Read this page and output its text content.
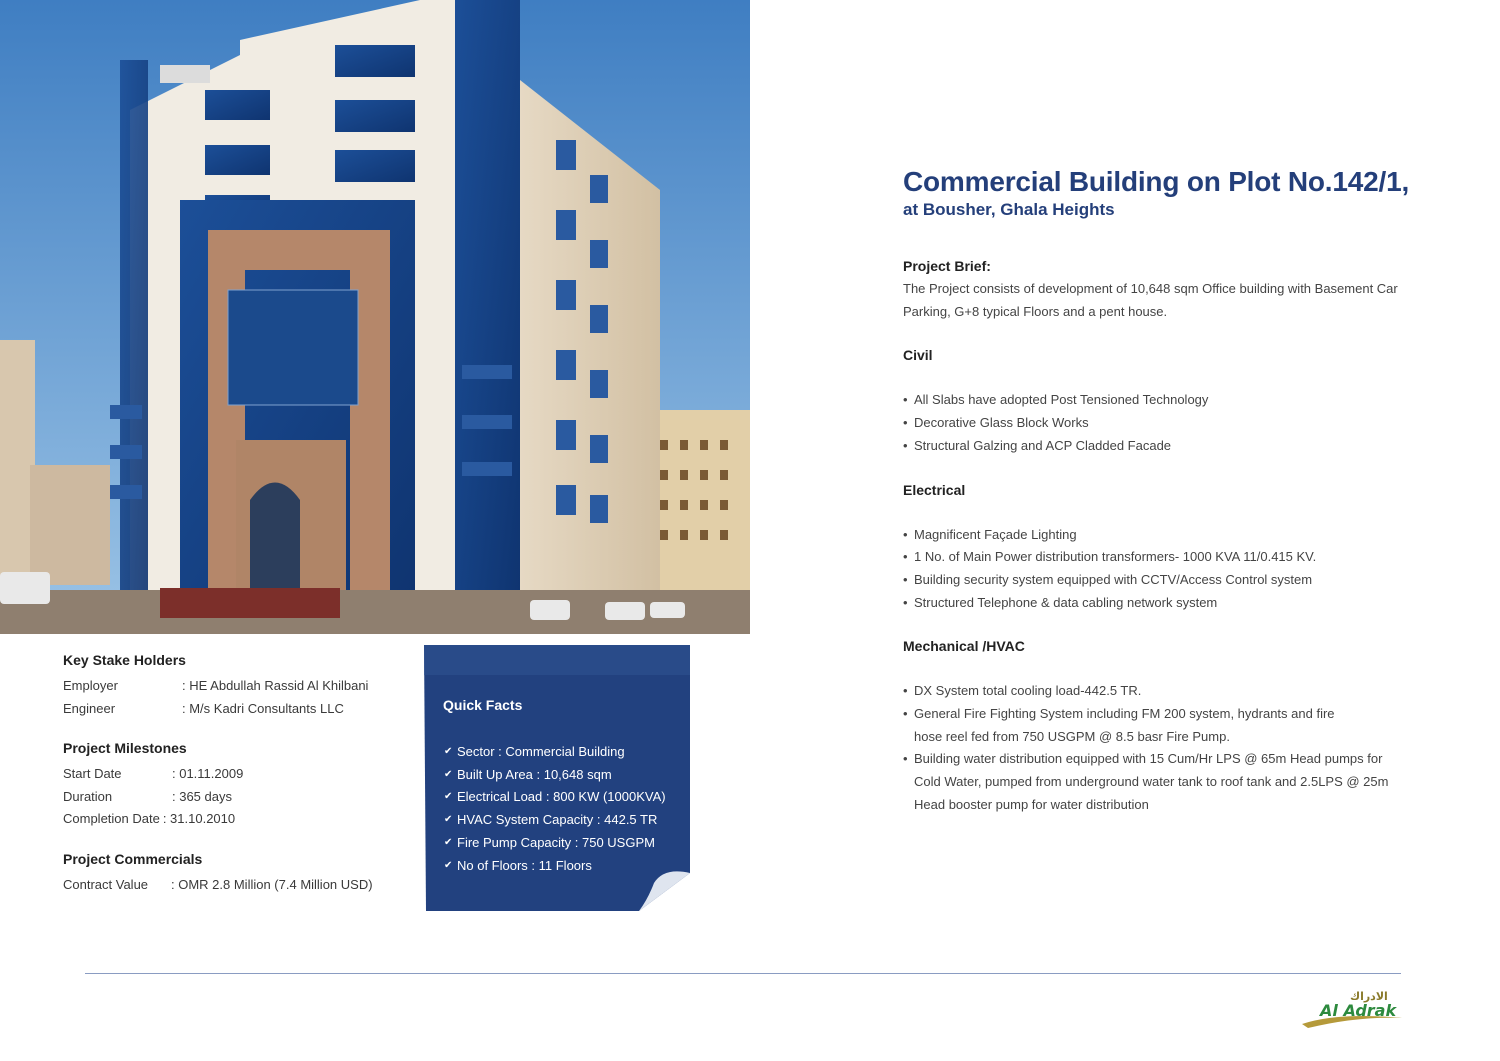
Key Stake Holders
Employer	: HE Abdullah Rassid Al Khilbani
Engineer	: M/s Kadri Consultants LLC
Project Milestones
Start Date	: 01.11.2009
Duration	: 365 days
Completion Date : 31.10.2010
Project Commercials
Contract Value	: OMR 2.8 Million (7.4 Million USD)
Quick Facts
✔ Sector : Commercial Building
✔ Built Up Area : 10,648 sqm
✔ Electrical Load : 800 KW (1000KVA)
✔ HVAC System Capacity : 442.5 TR
✔ Fire Pump Capacity : 750 USGPM
✔ No of Floors : 11 Floors
Commercial Building on Plot No.142/1,
at Bousher, Ghala Heights
Project Brief:
The Project consists of development of 10,648 sqm Office building with Basement Car Parking, G+8 typical Floors and a pent house.
Civil
• All Slabs have adopted Post Tensioned Technology
• Decorative Glass Block Works
• Structural Galzing and ACP Cladded Facade
Electrical
• Magnificent Façade Lighting
• 1 No. of Main Power distribution transformers- 1000 KVA 11/0.415 KV.
• Building security system equipped with CCTV/Access Control system
• Structured Telephone & data cabling network system
Mechanical /HVAC
• DX System total cooling load-442.5 TR.
• General Fire Fighting System including FM 200 system, hydrants and fire hose reel fed from 750 USGPM @ 8.5 basr Fire Pump.
• Building water distribution equipped with 15 Cum/Hr LPS @ 65m Head pumps for Cold Water, pumped from underground water tank to roof tank and 2.5LPS @ 25m Head booster pump for water distribution
الادراك
Al Adrak
